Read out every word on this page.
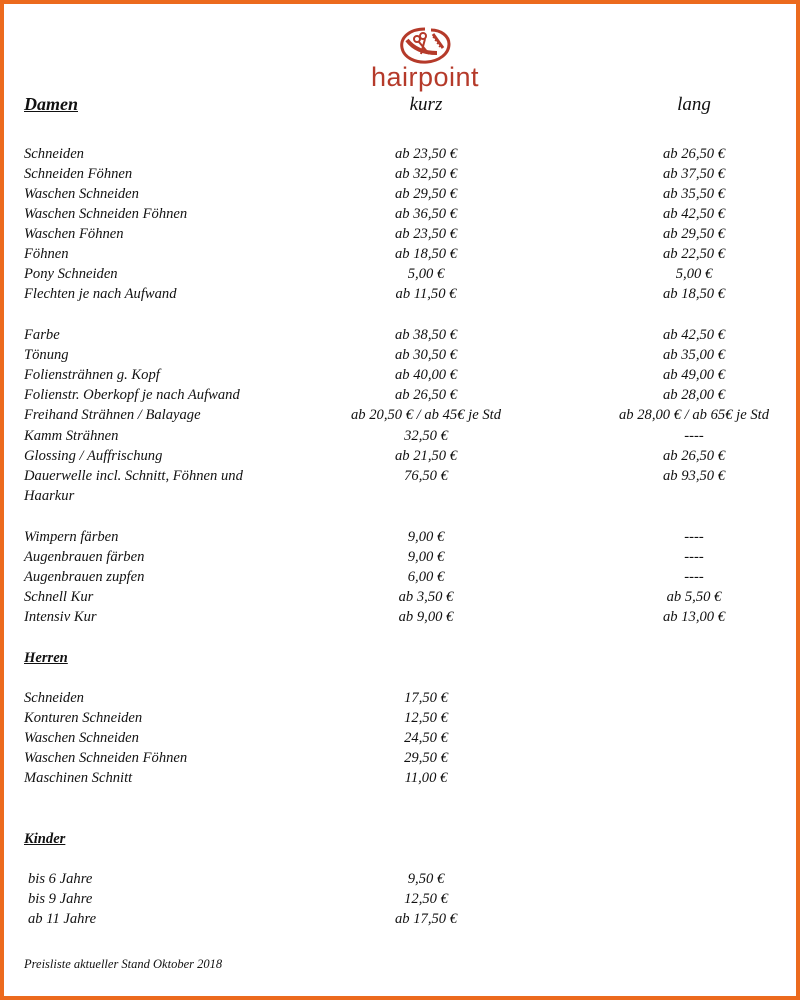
hairpoint
Damen	kurz	lang
Schneiden	ab 23,50 €	ab 26,50 €
Schneiden Föhnen	ab 32,50 €	ab 37,50 €
Waschen Schneiden	ab 29,50 €	ab 35,50 €
Waschen Schneiden Föhnen	ab 36,50 €	ab 42,50 €
Waschen Föhnen	ab 23,50 €	ab 29,50 €
Föhnen	ab 18,50 €	ab 22,50 €
Pony Schneiden	5,00 €	5,00 €
Flechten je nach Aufwand	ab 11,50 €	ab 18,50 €
Farbe	ab 38,50 €	ab 42,50 €
Tönung	ab 30,50 €	ab 35,00 €
Foliensträhnen g. Kopf	ab 40,00 €	ab 49,00 €
Folienstr. Oberkopf je nach Aufwand	ab 26,50 €	ab 28,00 €
Freihand Strähnen / Balayage	ab 20,50 € / ab 45€ je Std	ab 28,00 € / ab 65€ je Std
Kamm Strähnen	32,50 €	----
Glossing / Auffrischung	ab 21,50 €	ab 26,50 €
Dauerwelle incl. Schnitt, Föhnen und	76,50 €	ab 93,50 €
Haarkur
Wimpern färben	9,00 €	----
Augenbrauen färben	9,00 €	----
Augenbrauen zupfen	6,00 €	----
Schnell Kur	ab 3,50 €	ab 5,50 €
Intensiv Kur	ab 9,00 €	ab 13,00 €
Herren
Schneiden	17,50 €
Konturen Schneiden	12,50 €
Waschen Schneiden	24,50 €
Waschen Schneiden Föhnen	29,50 €
Maschinen Schnitt	11,00 €
Kinder
bis 6 Jahre	9,50 €
bis 9 Jahre	12,50 €
ab 11 Jahre	ab 17,50 €
Preisliste aktueller Stand Oktober 2018
